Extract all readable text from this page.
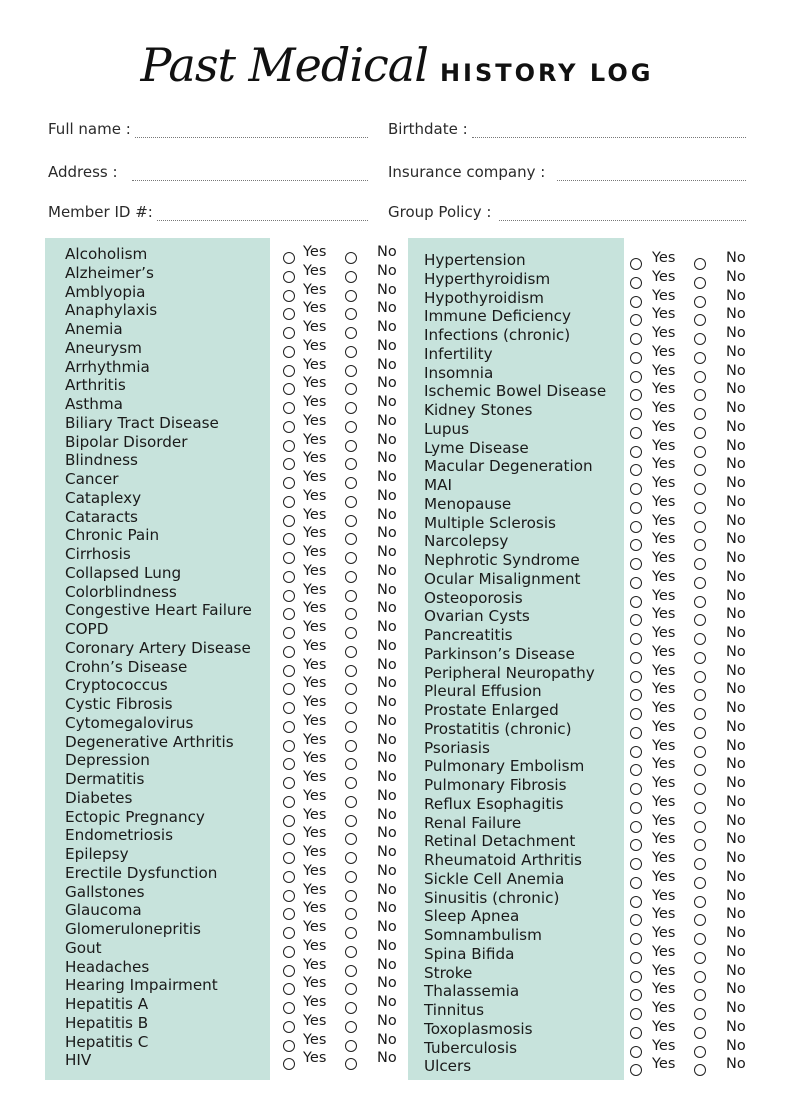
Past Medical HISTORY LOG
Full name :	Birthdate :
Address :	Insurance company :
Member ID #:	Group Policy :
Alcoholism	Yes	No
Alzheimer’s	Yes	No
Amblyopia	Yes	No
Anaphylaxis	Yes	No
Anemia	Yes	No
Aneurysm	Yes	No
Arrhythmia	Yes	No
Arthritis	Yes	No
Asthma	Yes	No
Biliary Tract Disease	Yes	No
Bipolar Disorder	Yes	No
Blindness	Yes	No
Cancer	Yes	No
Cataplexy	Yes	No
Cataracts	Yes	No
Chronic Pain	Yes	No
Cirrhosis	Yes	No
Collapsed Lung	Yes	No
Colorblindness	Yes	No
Congestive Heart Failure	Yes	No
COPD	Yes	No
Coronary Artery Disease	Yes	No
Crohn’s Disease	Yes	No
Cryptococcus	Yes	No
Cystic Fibrosis	Yes	No
Cytomegalovirus	Yes	No
Degenerative Arthritis	Yes	No
Depression	Yes	No
Dermatitis	Yes	No
Diabetes	Yes	No
Ectopic Pregnancy	Yes	No
Endometriosis	Yes	No
Epilepsy	Yes	No
Erectile Dysfunction	Yes	No
Gallstones	Yes	No
Glaucoma	Yes	No
Glomerulonepritis	Yes	No
Gout	Yes	No
Headaches	Yes	No
Hearing Impairment	Yes	No
Hepatitis A	Yes	No
Hepatitis B	Yes	No
Hepatitis C	Yes	No
HIV	Yes	No
Hypertension	Yes	No
Hyperthyroidism	Yes	No
Hypothyroidism	Yes	No
Immune Deficiency	Yes	No
Infections (chronic)	Yes	No
Infertility	Yes	No
Insomnia	Yes	No
Ischemic Bowel Disease	Yes	No
Kidney Stones	Yes	No
Lupus	Yes	No
Lyme Disease	Yes	No
Macular Degeneration	Yes	No
MAI	Yes	No
Menopause	Yes	No
Multiple Sclerosis	Yes	No
Narcolepsy	Yes	No
Nephrotic Syndrome	Yes	No
Ocular Misalignment	Yes	No
Osteoporosis	Yes	No
Ovarian Cysts	Yes	No
Pancreatitis	Yes	No
Parkinson’s Disease	Yes	No
Peripheral Neuropathy	Yes	No
Pleural Effusion	Yes	No
Prostate Enlarged	Yes	No
Prostatitis (chronic)	Yes	No
Psoriasis	Yes	No
Pulmonary Embolism	Yes	No
Pulmonary Fibrosis	Yes	No
Reflux Esophagitis	Yes	No
Renal Failure	Yes	No
Retinal Detachment	Yes	No
Rheumatoid Arthritis	Yes	No
Sickle Cell Anemia	Yes	No
Sinusitis (chronic)	Yes	No
Sleep Apnea	Yes	No
Somnambulism	Yes	No
Spina Bifida	Yes	No
Stroke	Yes	No
Thalassemia	Yes	No
Tinnitus	Yes	No
Toxoplasmosis	Yes	No
Tuberculosis	Yes	No
Ulcers	Yes	No
